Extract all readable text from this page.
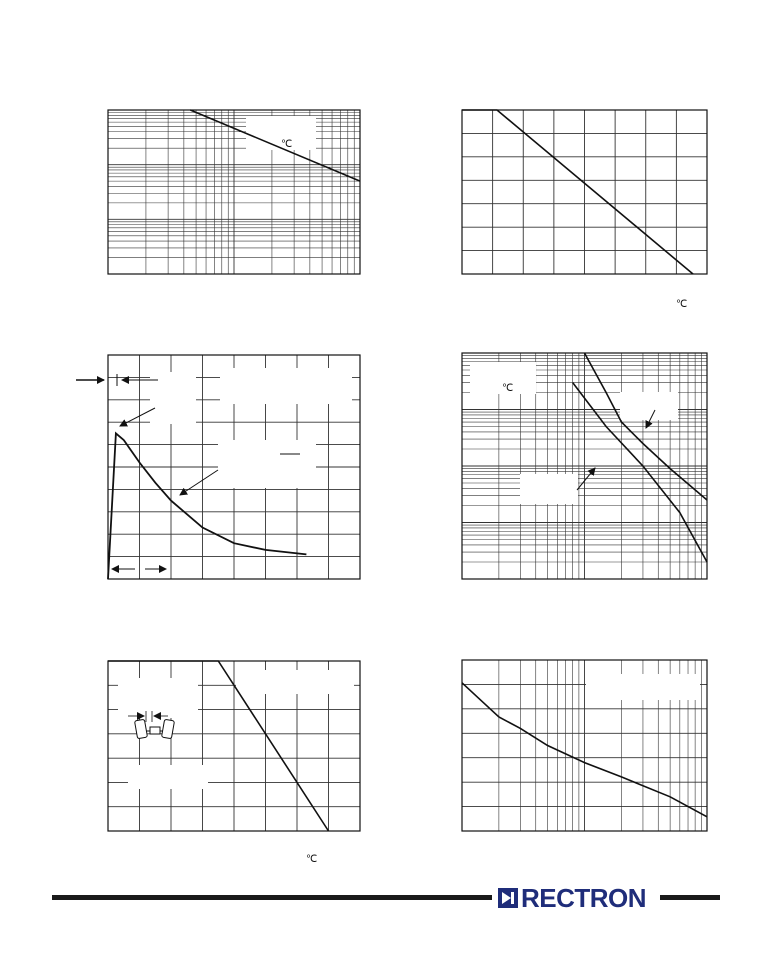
℃
℃
℃
℃
RECTRON
